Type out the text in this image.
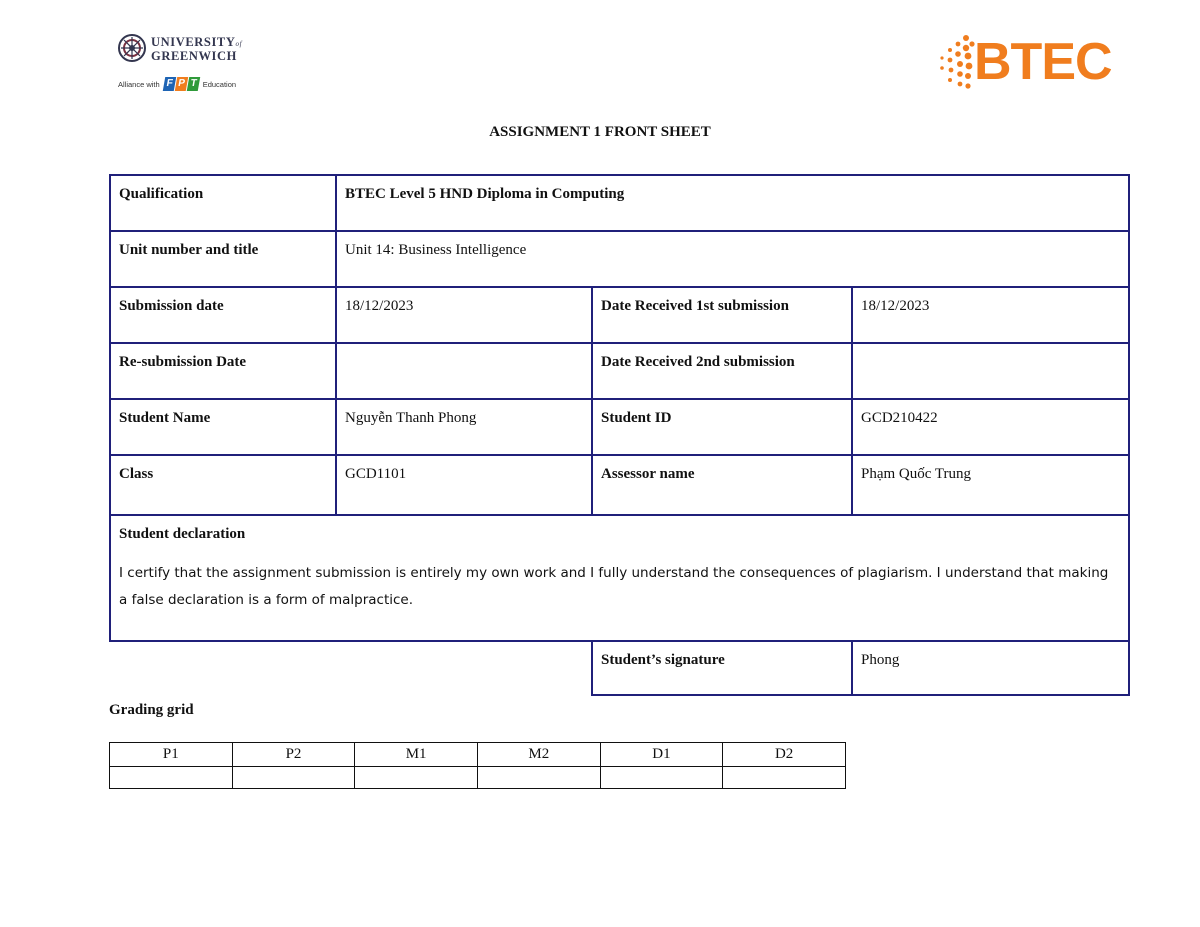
UNIVERSITYof
GREENWICH
Alliance with F P T Education	BTEC
ASSIGNMENT 1 FRONT SHEET
Qualification	BTEC Level 5 HND Diploma in Computing		
Unit number and title	Unit 14: Business Intelligence		
Submission date	18/12/2023	Date Received 1st submission	18/12/2023
Re-submission Date		Date Received 2nd submission	
Student Name	Nguyễn Thanh Phong	Student ID	GCD210422
Class	GCD1101	Assessor name	Phạm Quốc Trung

Student declaration
I certify that the assignment submission is entirely my own work and I fully understand the consequences of plagiarism. I understand that making a false declaration is a form of malpractice.			

		Student’s signature	Phong
Grading grid
P1	P2	M1	M2	D1	D2
